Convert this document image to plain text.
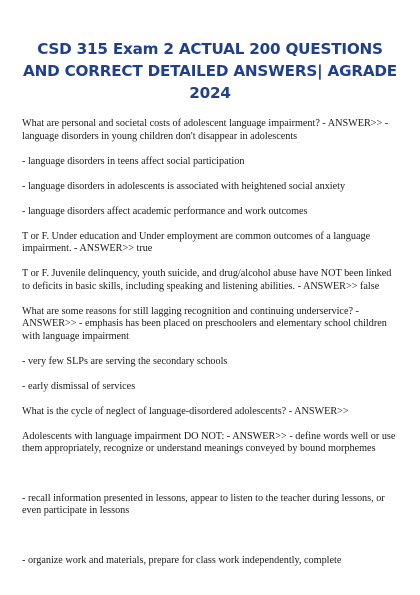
CSD 315 Exam 2 ACTUAL 200 QUESTIONS AND CORRECT DETAILED ANSWERS| AGRADE 2024

What are personal and societal costs of adolescent language impairment? - ANSWER>> - language disorders in young children don't disappear in adolescents

- language disorders in teens affect social participation

- language disorders in adolescents is associated with heightened social anxiety

- language disorders affect academic performance and work outcomes

T or F. Under education and Under employment are common outcomes of a language impairment. - ANSWER>> true

T or F. Juvenile delinquency, youth suicide, and drug/alcohol abuse have NOT been linked to deficits in basic skills, including speaking and listening abilities. - ANSWER>> false

What are some reasons for still lagging recognition and continuing underservice? - ANSWER>> - emphasis has been placed on preschoolers and elementary school children with language impairment

- very few SLPs are serving the secondary schools

- early dismissal of services

What is the cycle of neglect of language-disordered adolescents? - ANSWER>>

Adolescents with language impairment DO NOT: - ANSWER>> - define words well or use them appropriately, recognize or understand meanings conveyed by bound morphemes

- recall information presented in lessons, appear to listen to the teacher during lessons, or even participate in lessons

- organize work and materials, prepare for class work independently, complete
